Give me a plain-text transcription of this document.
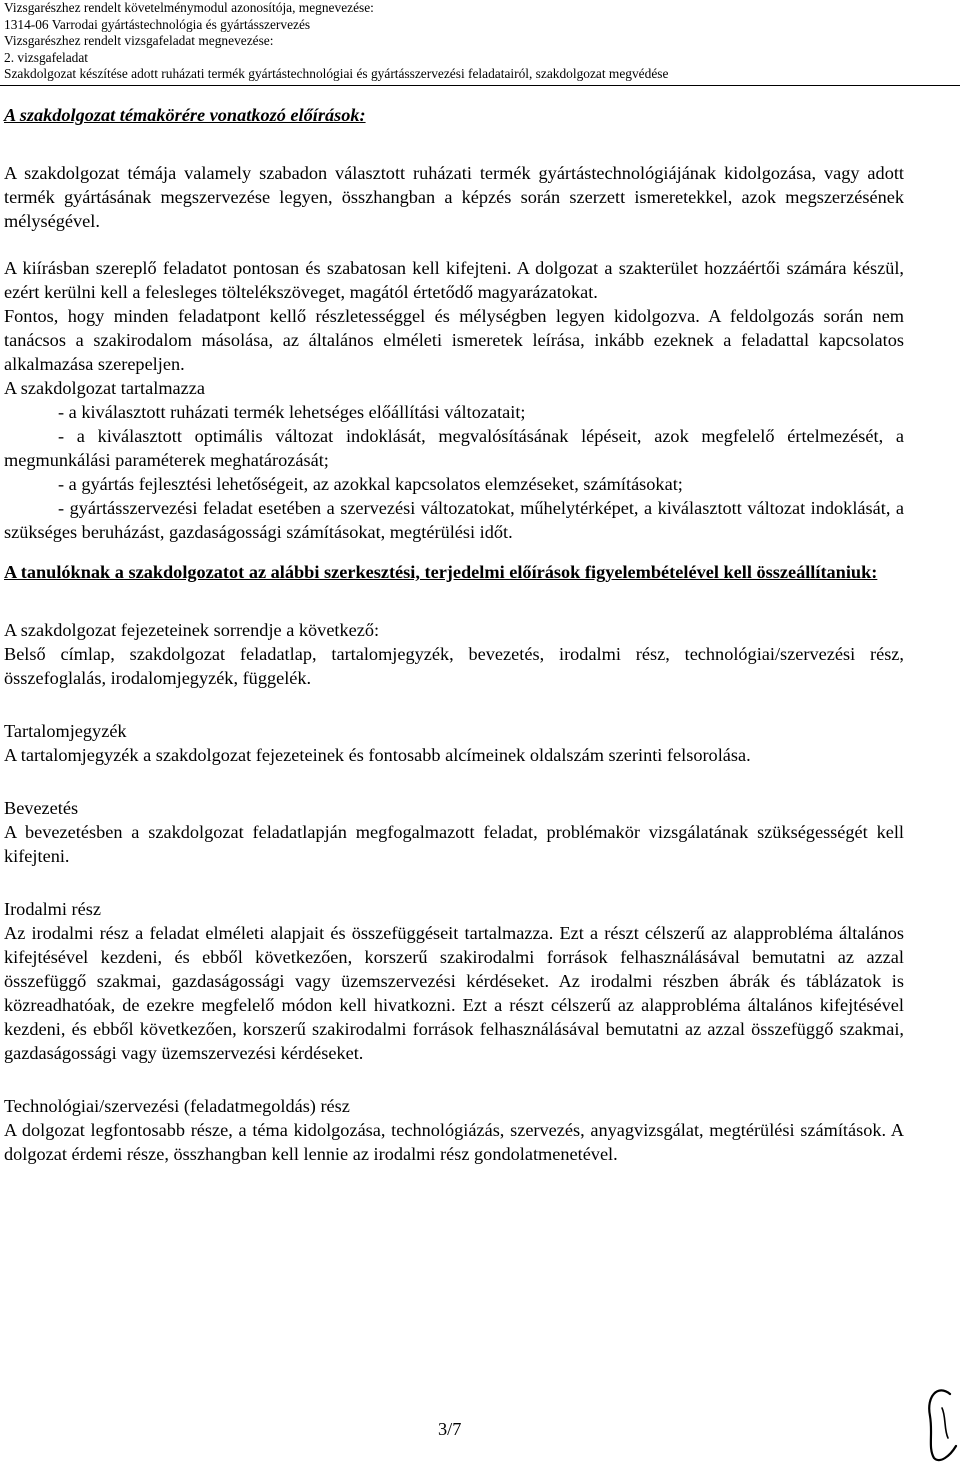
Vizsgarészhez rendelt követelménymodul azonosítója, megnevezése:
1314-06 Varrodai gyártástechnológia és gyártásszervezés
Vizsgarészhez rendelt vizsgafeladat megnevezése:
2. vizsgafeladat
Szakdolgozat készítése adott ruházati termék gyártástechnológiai és gyártásszervezési feladatairól, szakdolgozat megvédése

A szakdolgozat témakörére vonatkozó előírások:

A szakdolgozat témája valamely szabadon választott ruházati termék gyártástechnológiájának kidolgozása, vagy adott termék gyártásának megszervezése legyen, összhangban a képzés során szerzett ismeretekkel, azok megszerzésének mélységével.

A kiírásban szereplő feladatot pontosan és szabatosan kell kifejteni. A dolgozat a szakterület hozzáértői számára készül, ezért kerülni kell a felesleges töltelékszöveget, magától értetődő magyarázatokat.

Fontos, hogy minden feladatpont kellő részletességgel és mélységben legyen kidolgozva. A feldolgozás során nem tanácsos a szakirodalom másolása, az általános elméleti ismeretek leírása, inkább ezeknek a feladattal kapcsolatos alkalmazása szerepeljen.

A szakdolgozat tartalmazza

- a kiválasztott ruházati termék lehetséges előállítási változatait;

- a kiválasztott optimális változat indoklását, megvalósításának lépéseit, azok megfelelő értelmezését, a megmunkálási paraméterek meghatározását;

- a gyártás fejlesztési lehetőségeit, az azokkal kapcsolatos elemzéseket, számításokat;

- gyártásszervezési feladat esetében a szervezési változatokat, műhelytérképet, a kiválasztott változat indoklását, a szükséges beruházást, gazdaságossági számításokat, megtérülési időt.

A tanulóknak a szakdolgozatot az alábbi szerkesztési, terjedelmi előírások figyelembételével kell összeállítaniuk:

A szakdolgozat fejezeteinek sorrendje a következő:

Belső címlap, szakdolgozat feladatlap, tartalomjegyzék, bevezetés, irodalmi rész, technológiai/szervezési rész, összefoglalás, irodalomjegyzék, függelék.

Tartalomjegyzék

A tartalomjegyzék a szakdolgozat fejezeteinek és fontosabb alcímeinek oldalszám szerinti felsorolása.

Bevezetés

A bevezetésben a szakdolgozat feladatlapján megfogalmazott feladat, problémakör vizsgálatának szükségességét kell kifejteni.

Irodalmi rész

Az irodalmi rész a feladat elméleti alapjait és összefüggéseit tartalmazza. Ezt a részt célszerű az alapprobléma általános kifejtésével kezdeni, és ebből következően, korszerű szakirodalmi források felhasználásával bemutatni az azzal összefüggő szakmai, gazdaságossági vagy üzemszervezési kérdéseket. Az irodalmi részben ábrák és táblázatok is közreadhatóak, de ezekre megfelelő módon kell hivatkozni. Ezt a részt célszerű az alapprobléma általános kifejtésével kezdeni, és ebből következően, korszerű szakirodalmi források felhasználásával bemutatni az azzal összefüggő szakmai, gazdaságossági vagy üzemszervezési kérdéseket.

Technológiai/szervezési (feladatmegoldás) rész

A dolgozat legfontosabb része, a téma kidolgozása, technológiázás, szervezés, anyagvizsgálat, megtérülési számítások. A dolgozat érdemi része, összhangban kell lennie az irodalmi rész gondolatmenetével.

3/7
